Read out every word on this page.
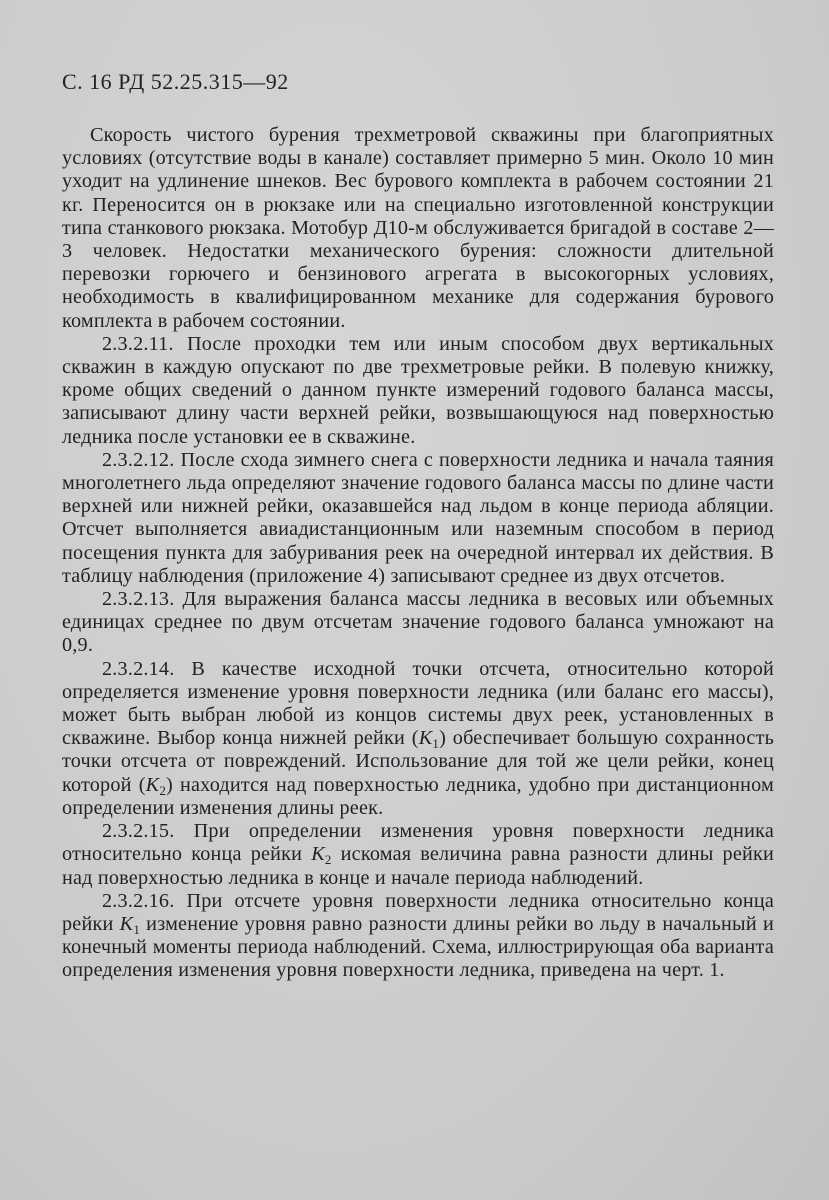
С. 16 РД 52.25.315—92

Скорость чистого бурения трехметровой скважины при благоприятных условиях (отсутствие воды в канале) составляет примерно 5 мин. Около 10 мин уходит на удлинение шнеков. Вес бурового комплекта в рабочем состоянии 21 кг. Переносится он в рюкзаке или на специально изготовленной конструкции типа станкового рюкзака. Мотобур Д10-м обслуживается бригадой в составе 2—3 человек. Недостатки механического бурения: сложности длительной перевозки горючего и бензинового агрегата в высокогорных условиях, необходимость в квалифицированном механике для содержания бурового комплекта в рабочем состоянии.

2.3.2.11. После проходки тем или иным способом двух вертикальных скважин в каждую опускают по две трехметровые рейки. В полевую книжку, кроме общих сведений о данном пункте измерений годового баланса массы, записывают длину части верхней рейки, возвышающуюся над поверхностью ледника после установки ее в скважине.

2.3.2.12. После схода зимнего снега с поверхности ледника и начала таяния многолетнего льда определяют значение годового баланса массы по длине части верхней или нижней рейки, оказавшейся над льдом в конце периода абляции. Отсчет выполняется авиадистанционным или наземным способом в период посещения пункта для забуривания реек на очередной интервал их действия. В таблицу наблюдения (приложение 4) записывают среднее из двух отсчетов.

2.3.2.13. Для выражения баланса массы ледника в весовых или объемных единицах среднее по двум отсчетам значение годового баланса умножают на 0,9.

2.3.2.14. В качестве исходной точки отсчета, относительно которой определяется изменение уровня поверхности ледника (или баланс его массы), может быть выбран любой из концов системы двух реек, установленных в скважине. Выбор конца нижней рейки $(K_1)$ обеспечивает большую сохранность точки отсчета от повреждений. Использование для той же цели рейки, конец которой $(K_2)$ находится над поверхностью ледника, удобно при дистанционном определении изменения длины реек.

2.3.2.15. При определении изменения уровня поверхности ледника относительно конца рейки $K_2$ искомая величина равна разности длины рейки над поверхностью ледника в конце и начале периода наблюдений.

2.3.2.16. При отсчете уровня поверхности ледника относительно конца рейки $K_1$ изменение уровня равно разности длины рейки во льду в начальный и конечный моменты периода наблюдений. Схема, иллюстрирующая оба варианта определения изменения уровня поверхности ледника, приведена на черт. 1.
